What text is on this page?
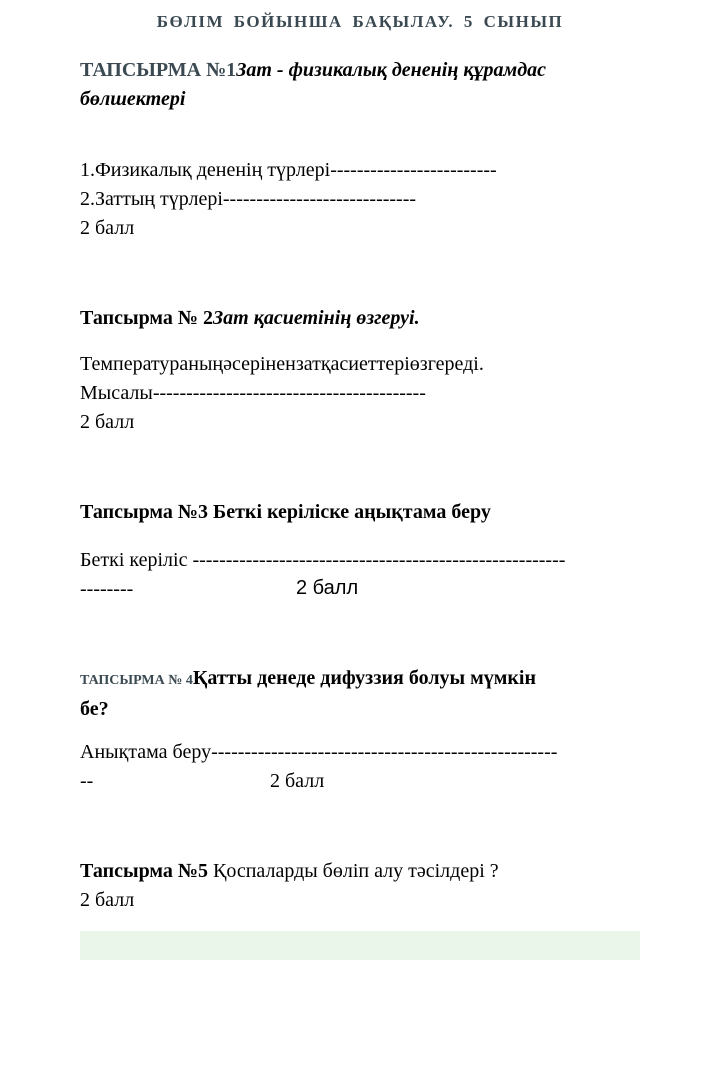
БӨЛІМ БОЙЫНША БАҚЫЛАУ. 5 СЫНЫП
ТАПСЫРМА №1Зат - физикалық дененің құрамдас
бөлшектері
1.Физикалық дененің түрлері-------------------------
2.Заттың түрлері-----------------------------
2 балл
Тапсырма № 2Зат қасиетінің өзгеруі.
Температураныңәсерінензатқасиеттеріөзгереді.
Мысалы-----------------------------------------
2 балл
Тапсырма №3 Беткі керіліске аңықтама беру
Беткі керіліс --------------------------------------------------------
--------	2 балл
ТАПСЫРМА № 4Қатты денеде дифуззия болуы мүмкін
бе?
Анықтама беру----------------------------------------------------
--	2 балл
Тапсырма №5 Қоспаларды бөліп алу тәсілдері ?
2 балл
